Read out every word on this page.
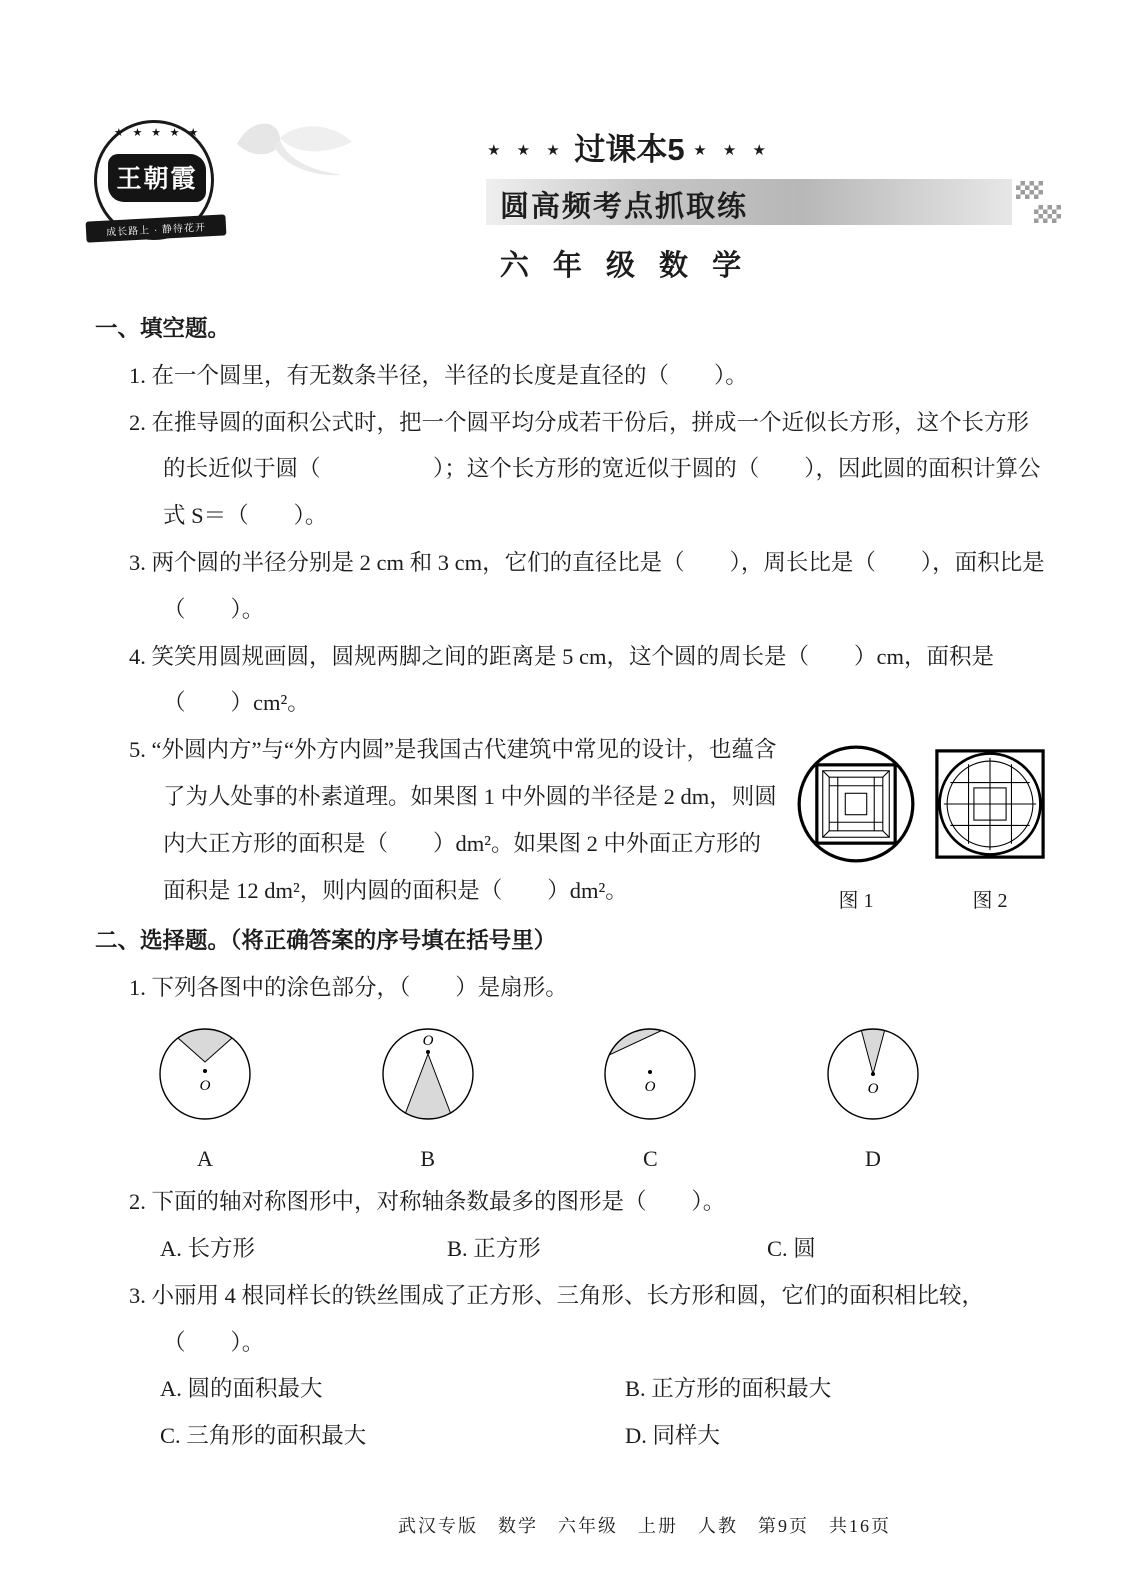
★ ★ ★ ★ ★
王朝霞
成长路上 · 静待花开
★ ★ ★ 过课本5 ★ ★ ★
圆高频考点抓取练
六 年 级 数 学
一、填空题。
1. 在一个圆里，有无数条半径，半径的长度是直径的（　　）。
2. 在推导圆的面积公式时，把一个圆平均分成若干份后，拼成一个近似长方形，这个长方形的长近似于圆（　　　　　）；这个长方形的宽近似于圆的（　　），因此圆的面积计算公式 S＝（　　）。
3. 两个圆的半径分别是 2 cm 和 3 cm，它们的直径比是（　　），周长比是（　　），面积比是（　　）。
4. 笑笑用圆规画圆，圆规两脚之间的距离是 5 cm，这个圆的周长是（　　）cm，面积是（　　）cm²。
图 1	图 2
5. “外圆内方”与“外方内圆”是我国古代建筑中常见的设计，也蕴含了为人处事的朴素道理。如果图 1 中外圆的半径是 2 dm，则圆内大正方形的面积是（　　）dm²。如果图 2 中外面正方形的面积是 12 dm²，则内圆的面积是（　　）dm²。
二、选择题。（将正确答案的序号填在括号里）
1. 下列各图中的涂色部分，（　　）是扇形。
O
A
O
B
O
C
O
D
2. 下面的轴对称图形中，对称轴条数最多的图形是（　　）。
A. 长方形	B. 正方形	C. 圆
3. 小丽用 4 根同样长的铁丝围成了正方形、三角形、长方形和圆，它们的面积相比较，（　　）。
A. 圆的面积最大	B. 正方形的面积最大
C. 三角形的面积最大	D. 同样大
武汉专版　数学　六年级　上册　人教　第9页　共16页
